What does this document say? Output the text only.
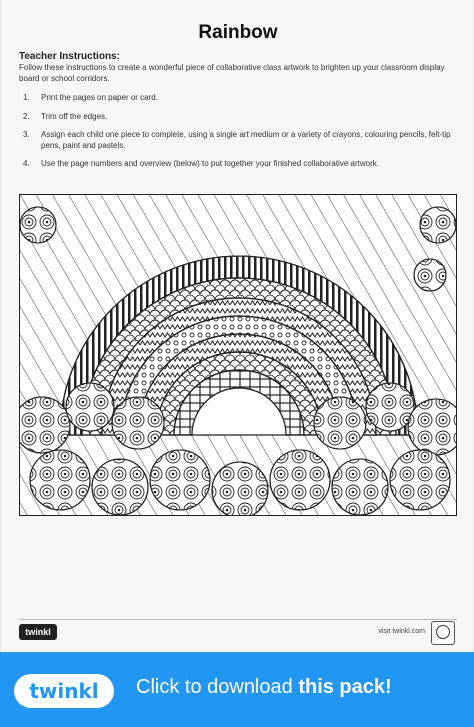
Rainbow
Teacher Instructions:
Follow these instructions to create a wonderful piece of collaborative class artwork to brighten up your classroom display board or school corridors.
1.	Print the pages on paper or card.
2.	Trim off the edges.
3.	Assign each child one piece to complete, using a single art medium or a variety of crayons, colouring pencils, felt-tip pens, paint and pastels.
4.	Use the page numbers and overview (below) to put together your finished collaborative artwork.
twinkl	visit twinkl.com
twinkl	Click to download this pack!
